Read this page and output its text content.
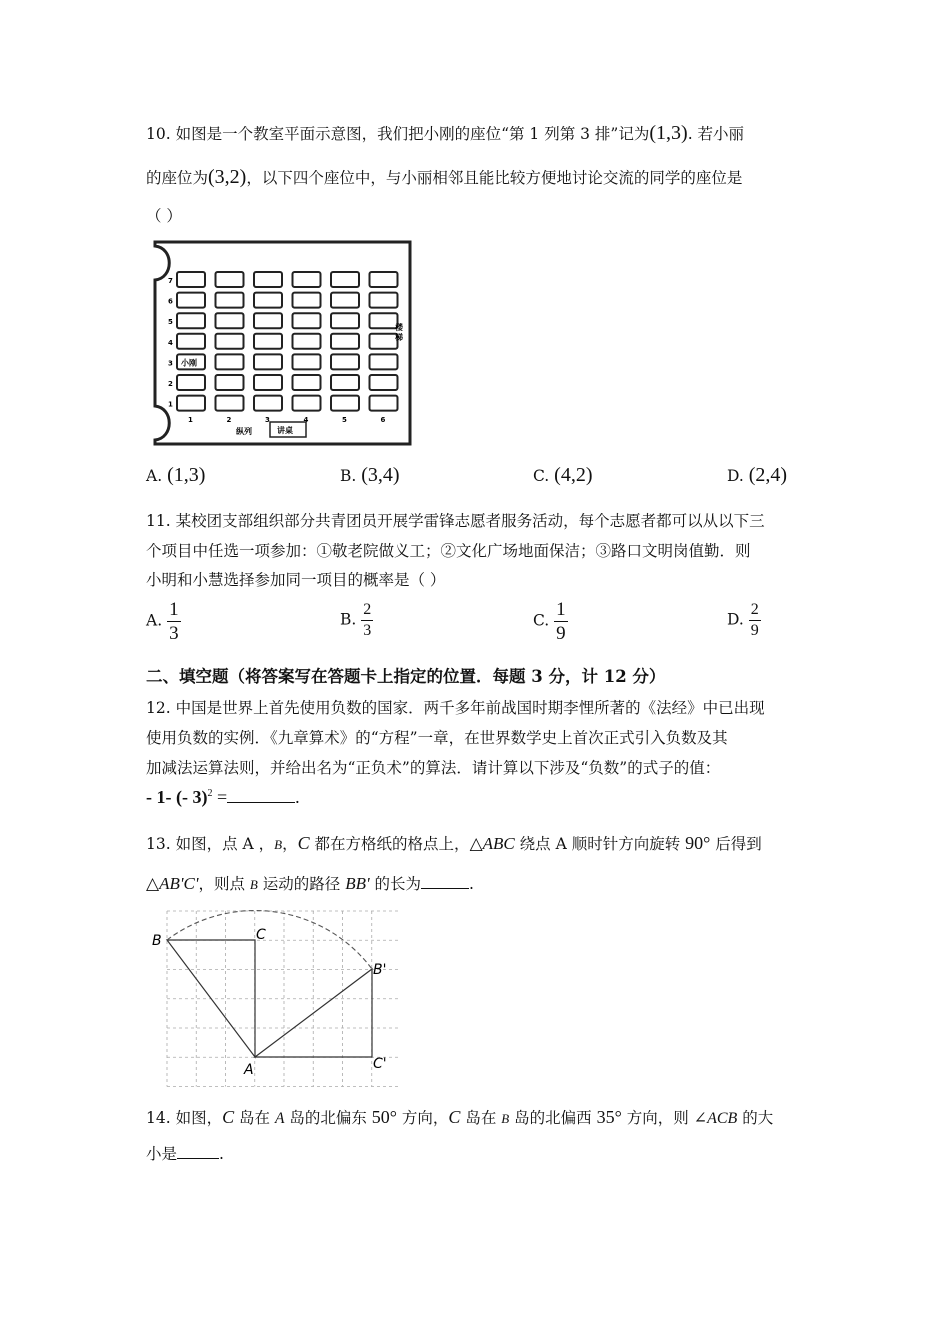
10. 如图是一个教室平面示意图，我们把小刚的座位“第 1 列第 3 排”记为(1,3). 若小丽
的座位为(3,2)，以下四个座位中，与小丽相邻且能比较方便地讨论交流的同学的座位是
（ ）
小刚
7
6
5
4
3
2
1
1	2	3	4	5	6
楼梯
纵列	讲桌
A. (1,3)	B. (3,4)	C. (4,2)	D. (2,4)
11. 某校团支部组织部分共青团员开展学雷锋志愿者服务活动，每个志愿者都可以从以下三
个项目中任选一项参加：①敬老院做义工；②文化广场地面保洁；③路口文明岗值勤．则
小明和小慧选择参加同一项目的概率是（ ）
A. $\frac{1}{3}$	B. $\frac{2}{3}$	C. $\frac{1}{9}$	D. $\frac{2}{9}$
二、填空题（将答案写在答题卡上指定的位置．每题 3 分，计 12 分）
12. 中国是世界上首先使用负数的国家．两千多年前战国时期李悝所著的《法经》中已出现
使用负数的实例．《九章算术》的“方程”一章，在世界数学史上首次正式引入负数及其
加减法运算法则，并给出名为“正负术”的算法．请计算以下涉及“负数”的式子的值：
- 1- (- 3)$^2$ =	.
13. 如图，点 A ，B，C 都在方格纸的格点上，△ABC 绕点 A 顺时针方向旋转 90° 后得到
△AB'C'，则点 B 运动的路径 BB' 的长为	.
B	C
A
B'
C'
14. 如图，C 岛在 A 岛的北偏东 50° 方向，C 岛在 B 岛的北偏西 35° 方向，则 ∠ACB 的大
小是	.
